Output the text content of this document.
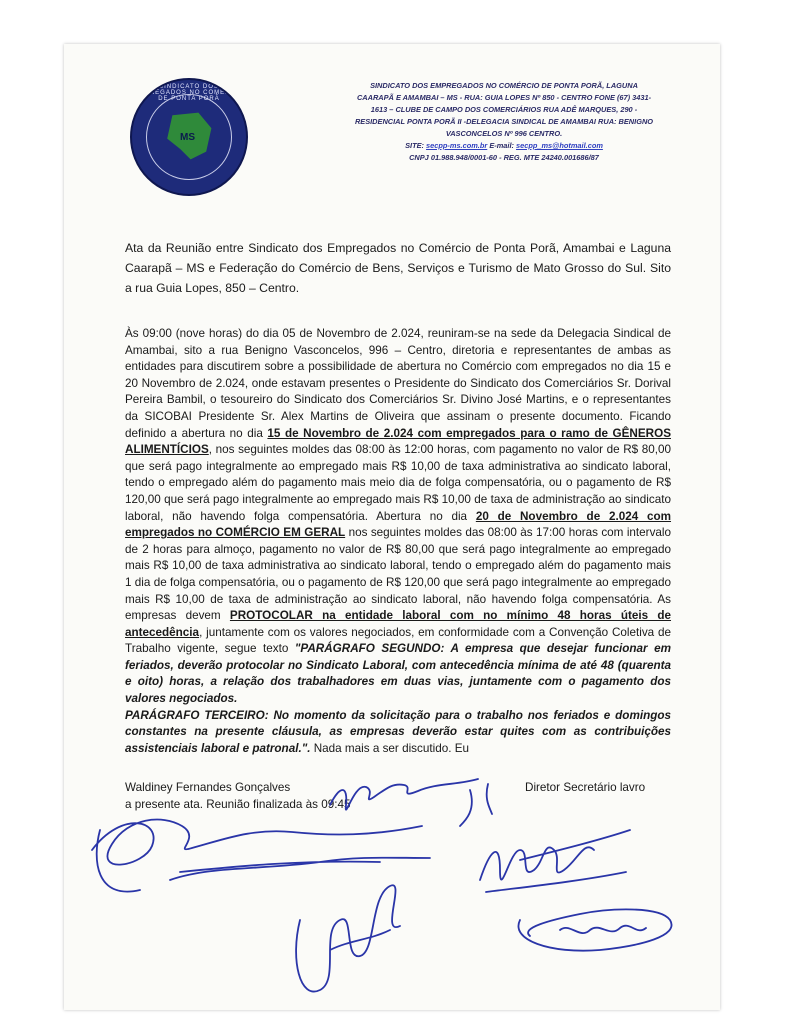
SINDICATO DOS EMPREGADOS NO COMÉRCIO DE PONTA PORÃ
MS
SINDICATO DOS EMPREGADOS NO COMÉRCIO DE PONTA PORÃ, LAGUNA
CAARAPÃ E AMAMBAI – MS - RUA: GUIA LOPES Nº 850 - CENTRO FONE (67) 3431-
1613 – CLUBE DE CAMPO DOS COMERCIÁRIOS RUA ADÊ MARQUES, 290 -
RESIDENCIAL PONTA PORÃ II -DELEGACIA SINDICAL DE AMAMBAI RUA: BENIGNO
VASCONCELOS Nº 996 CENTRO.
SITE: secpp-ms.com.br E-mail: secpp_ms@hotmail.com
CNPJ 01.988.948/0001-60 - REG. MTE 24240.001686/87
Ata da Reunião entre Sindicato dos Empregados no Comércio de Ponta Porã, Amambai e Laguna Caarapã – MS e Federação do Comércio de Bens, Serviços e Turismo de Mato Grosso do Sul. Sito a rua Guia Lopes, 850 – Centro.

Às 09:00 (nove horas) do dia 05 de Novembro de 2.024, reuniram-se na sede da Delegacia Sindical de Amambai, sito a rua Benigno Vasconcelos, 996 – Centro, diretoria e representantes de ambas as entidades para discutirem sobre a possibilidade de abertura no Comércio com empregados no dia 15 e 20 Novembro de 2.024, onde estavam presentes o Presidente do Sindicato dos Comerciários Sr. Dorival Pereira Bambil, o tesoureiro do Sindicato dos Comerciários Sr. Divino José Martins, e o representantes da SICOBAI Presidente Sr. Alex Martins de Oliveira que assinam o presente documento. Ficando definido a abertura no dia 15 de Novembro de 2.024 com empregados para o ramo de GÊNEROS ALIMENTÍCIOS, nos seguintes moldes das 08:00 às 12:00 horas, com pagamento no valor de R$ 80,00 que será pago integralmente ao empregado mais R$ 10,00 de taxa administrativa ao sindicato laboral, tendo o empregado além do pagamento mais meio dia de folga compensatória, ou o pagamento de R$ 120,00 que será pago integralmente ao empregado mais R$ 10,00 de taxa de administração ao sindicato laboral, não havendo folga compensatória. Abertura no dia 20 de Novembro de 2.024 com empregados no COMÉRCIO EM GERAL nos seguintes moldes das 08:00 às 17:00 horas com intervalo de 2 horas para almoço, pagamento no valor de R$ 80,00 que será pago integralmente ao empregado mais R$ 10,00 de taxa administrativa ao sindicato laboral, tendo o empregado além do pagamento mais 1 dia de folga compensatória, ou o pagamento de R$ 120,00 que será pago integralmente ao empregado mais R$ 10,00 de taxa de administração ao sindicato laboral, não havendo folga compensatória. As empresas devem PROTOCOLAR na entidade laboral com no mínimo 48 horas úteis de antecedência, juntamente com os valores negociados, em conformidade com a Convenção Coletiva de Trabalho vigente, segue texto "PARÁGRAFO SEGUNDO: A empresa que desejar funcionar em feriados, deverão protocolar no Sindicato Laboral, com antecedência mínima de até 48 (quarenta e oito) horas, a relação dos trabalhadores em duas vias, juntamente com o pagamento dos valores negociados.

PARÁGRAFO TERCEIRO: No momento da solicitação para o trabalho nos feriados e domingos constantes na presente cláusula, as empresas deverão estar quites com as contribuições assistenciais laboral e patronal.". Nada mais a ser discutido. Eu

Waldiney Fernandes Gonçalves	Diretor Secretário lavro
a presente ata. Reunião finalizada às 09:45
